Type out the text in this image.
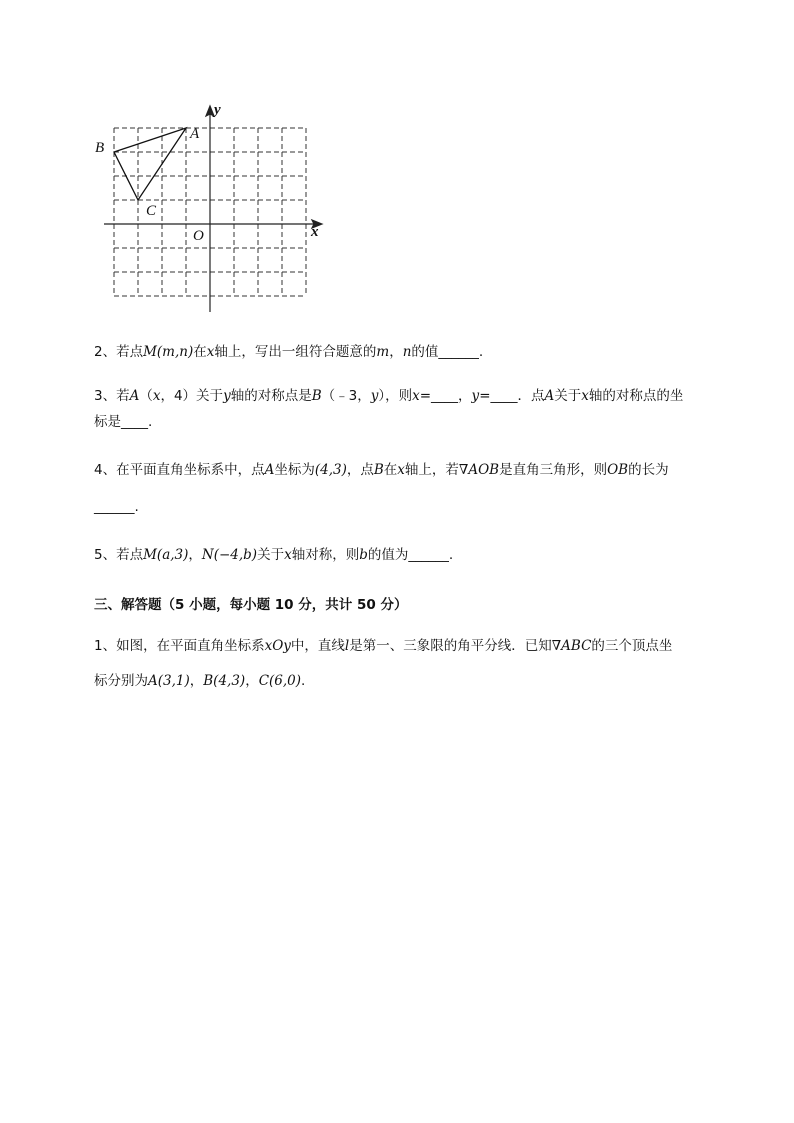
A
B
C
O	x
y
2、若点M(m,n)在x轴上，写出一组符合题意的m，n的值______.
3、若A（x，4）关于y轴的对称点是B（﹣3，y），则x=____，y=____．点A关于x轴的对称点的坐
标是____.
4、在平面直角坐标系中，点A坐标为(4,3)，点B在x轴上，若∇AOB是直角三角形，则OB的长为
______.
5、若点M(a,3)，N(−4,b)关于x轴对称，则b的值为______.
三、解答题（5 小题，每小题 10 分，共计 50 分）
1、如图，在平面直角坐标系xOy中，直线l是第一、三象限的角平分线．已知∇ABC的三个顶点坐
标分别为A(3,1)，B(4,3)，C(6,0).
